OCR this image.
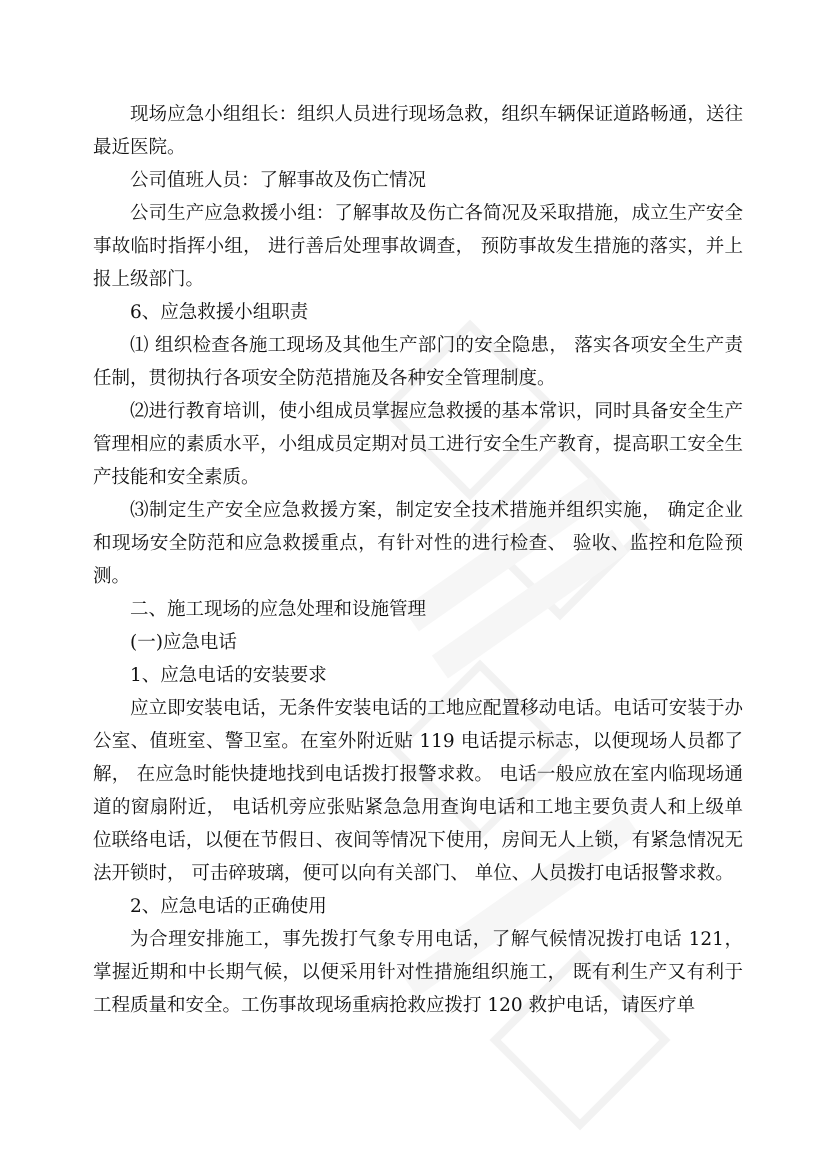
现场应急小组组长：组织人员进行现场急救，组织车辆保证道路畅通，送往最近医院。

公司值班人员：了解事故及伤亡情况

公司生产应急救援小组：了解事故及伤亡各简况及采取措施，成立生产安全事故临时指挥小组， 进行善后处理事故调查， 预防事故发生措施的落实，并上报上级部门。

6、应急救援小组职责

⑴ 组织检查各施工现场及其他生产部门的安全隐患， 落实各项安全生产责任制，贯彻执行各项安全防范措施及各种安全管理制度。

⑵进行教育培训，使小组成员掌握应急救援的基本常识，同时具备安全生产管理相应的素质水平，小组成员定期对员工进行安全生产教育，提高职工安全生产技能和安全素质。

⑶制定生产安全应急救援方案，制定安全技术措施并组织实施， 确定企业和现场安全防范和应急救援重点，有针对性的进行检查、 验收、监控和危险预测。

二、施工现场的应急处理和设施管理

(一)应急电话

1、应急电话的安装要求

应立即安装电话，无条件安装电话的工地应配置移动电话。电话可安装于办公室、值班室、警卫室。在室外附近贴 119 电话提示标志，以便现场人员都了解， 在应急时能快捷地找到电话拨打报警求救。 电话一般应放在室内临现场通道的窗扇附近， 电话机旁应张贴紧急急用查询电话和工地主要负责人和上级单位联络电话，以便在节假日、夜间等情况下使用，房间无人上锁，有紧急情况无法开锁时， 可击碎玻璃，便可以向有关部门、 单位、人员拨打电话报警求救。

2、应急电话的正确使用

为合理安排施工，事先拨打气象专用电话，了解气候情况拨打电话 121，掌握近期和中长期气候，以便采用针对性措施组织施工， 既有利生产又有利于工程质量和安全。工伤事故现场重病抢救应拨打 120 救护电话，请医疗单
